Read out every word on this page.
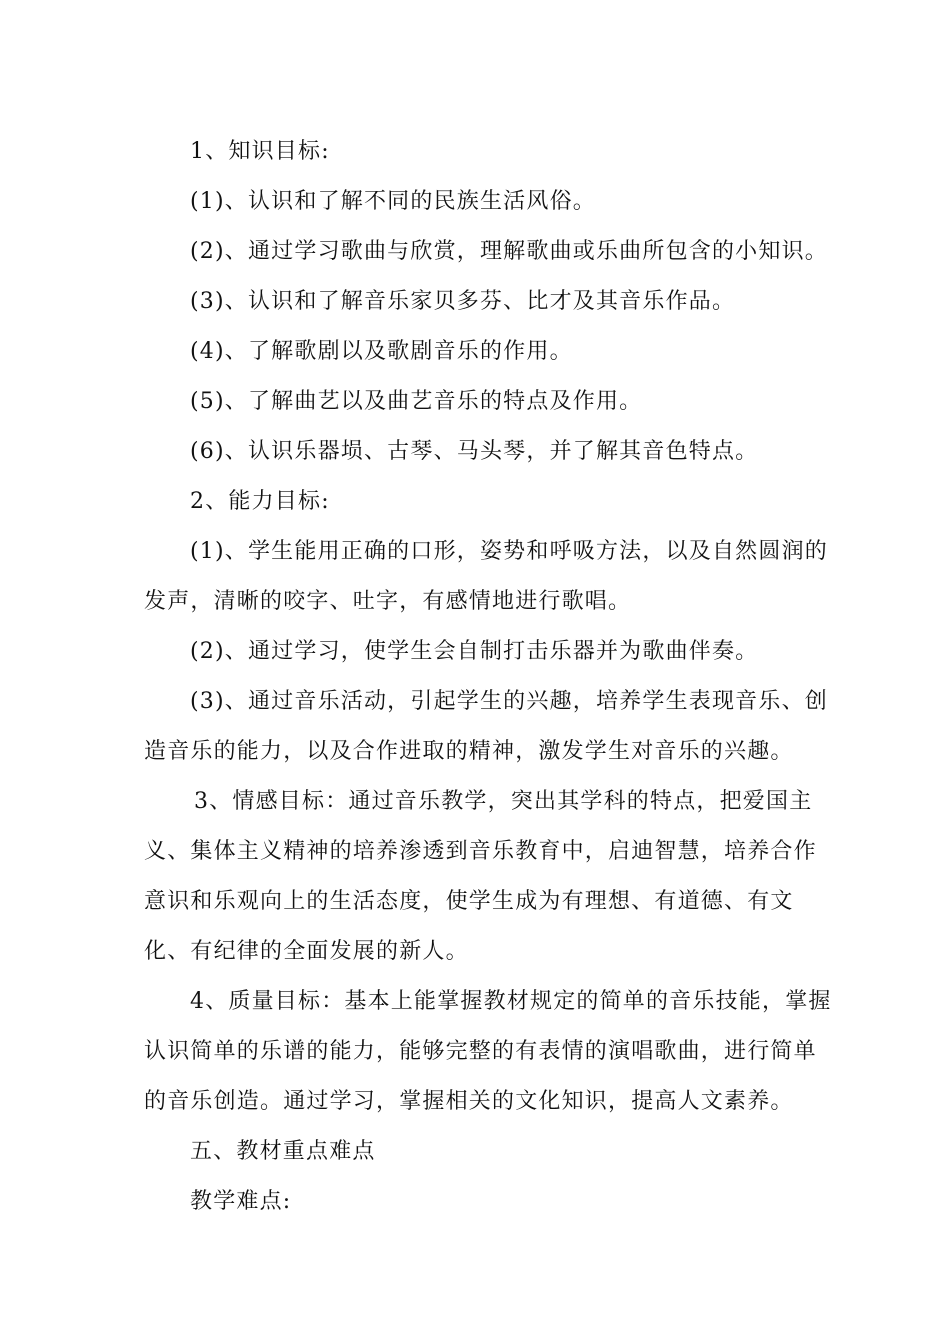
1、知识目标:
(1)、认识和了解不同的民族生活风俗。
(2)、通过学习歌曲与欣赏，理解歌曲或乐曲所包含的小知识。
(3)、认识和了解音乐家贝多芬、比才及其音乐作品。
(4)、了解歌剧以及歌剧音乐的作用。
(5)、了解曲艺以及曲艺音乐的特点及作用。
(6)、认识乐器埙、古琴、马头琴，并了解其音色特点。
2、能力目标:
(1)、学生能用正确的口形，姿势和呼吸方法，以及自然圆润的
发声，清晰的咬字、吐字，有感情地进行歌唱。
(2)、通过学习，使学生会自制打击乐器并为歌曲伴奏。
(3)、通过音乐活动，引起学生的兴趣，培养学生表现音乐、创
造音乐的能力，以及合作进取的精神，激发学生对音乐的兴趣。
3、情感目标：通过音乐教学，突出其学科的特点，把爱国主
义、集体主义精神的培养渗透到音乐教育中，启迪智慧，培养合作
意识和乐观向上的生活态度，使学生成为有理想、有道德、有文
化、有纪律的全面发展的新人。
4、质量目标：基本上能掌握教材规定的简单的音乐技能，掌握
认识简单的乐谱的能力，能够完整的有表情的演唱歌曲，进行简单
的音乐创造。通过学习，掌握相关的文化知识，提高人文素养。
五、教材重点难点
教学难点:
